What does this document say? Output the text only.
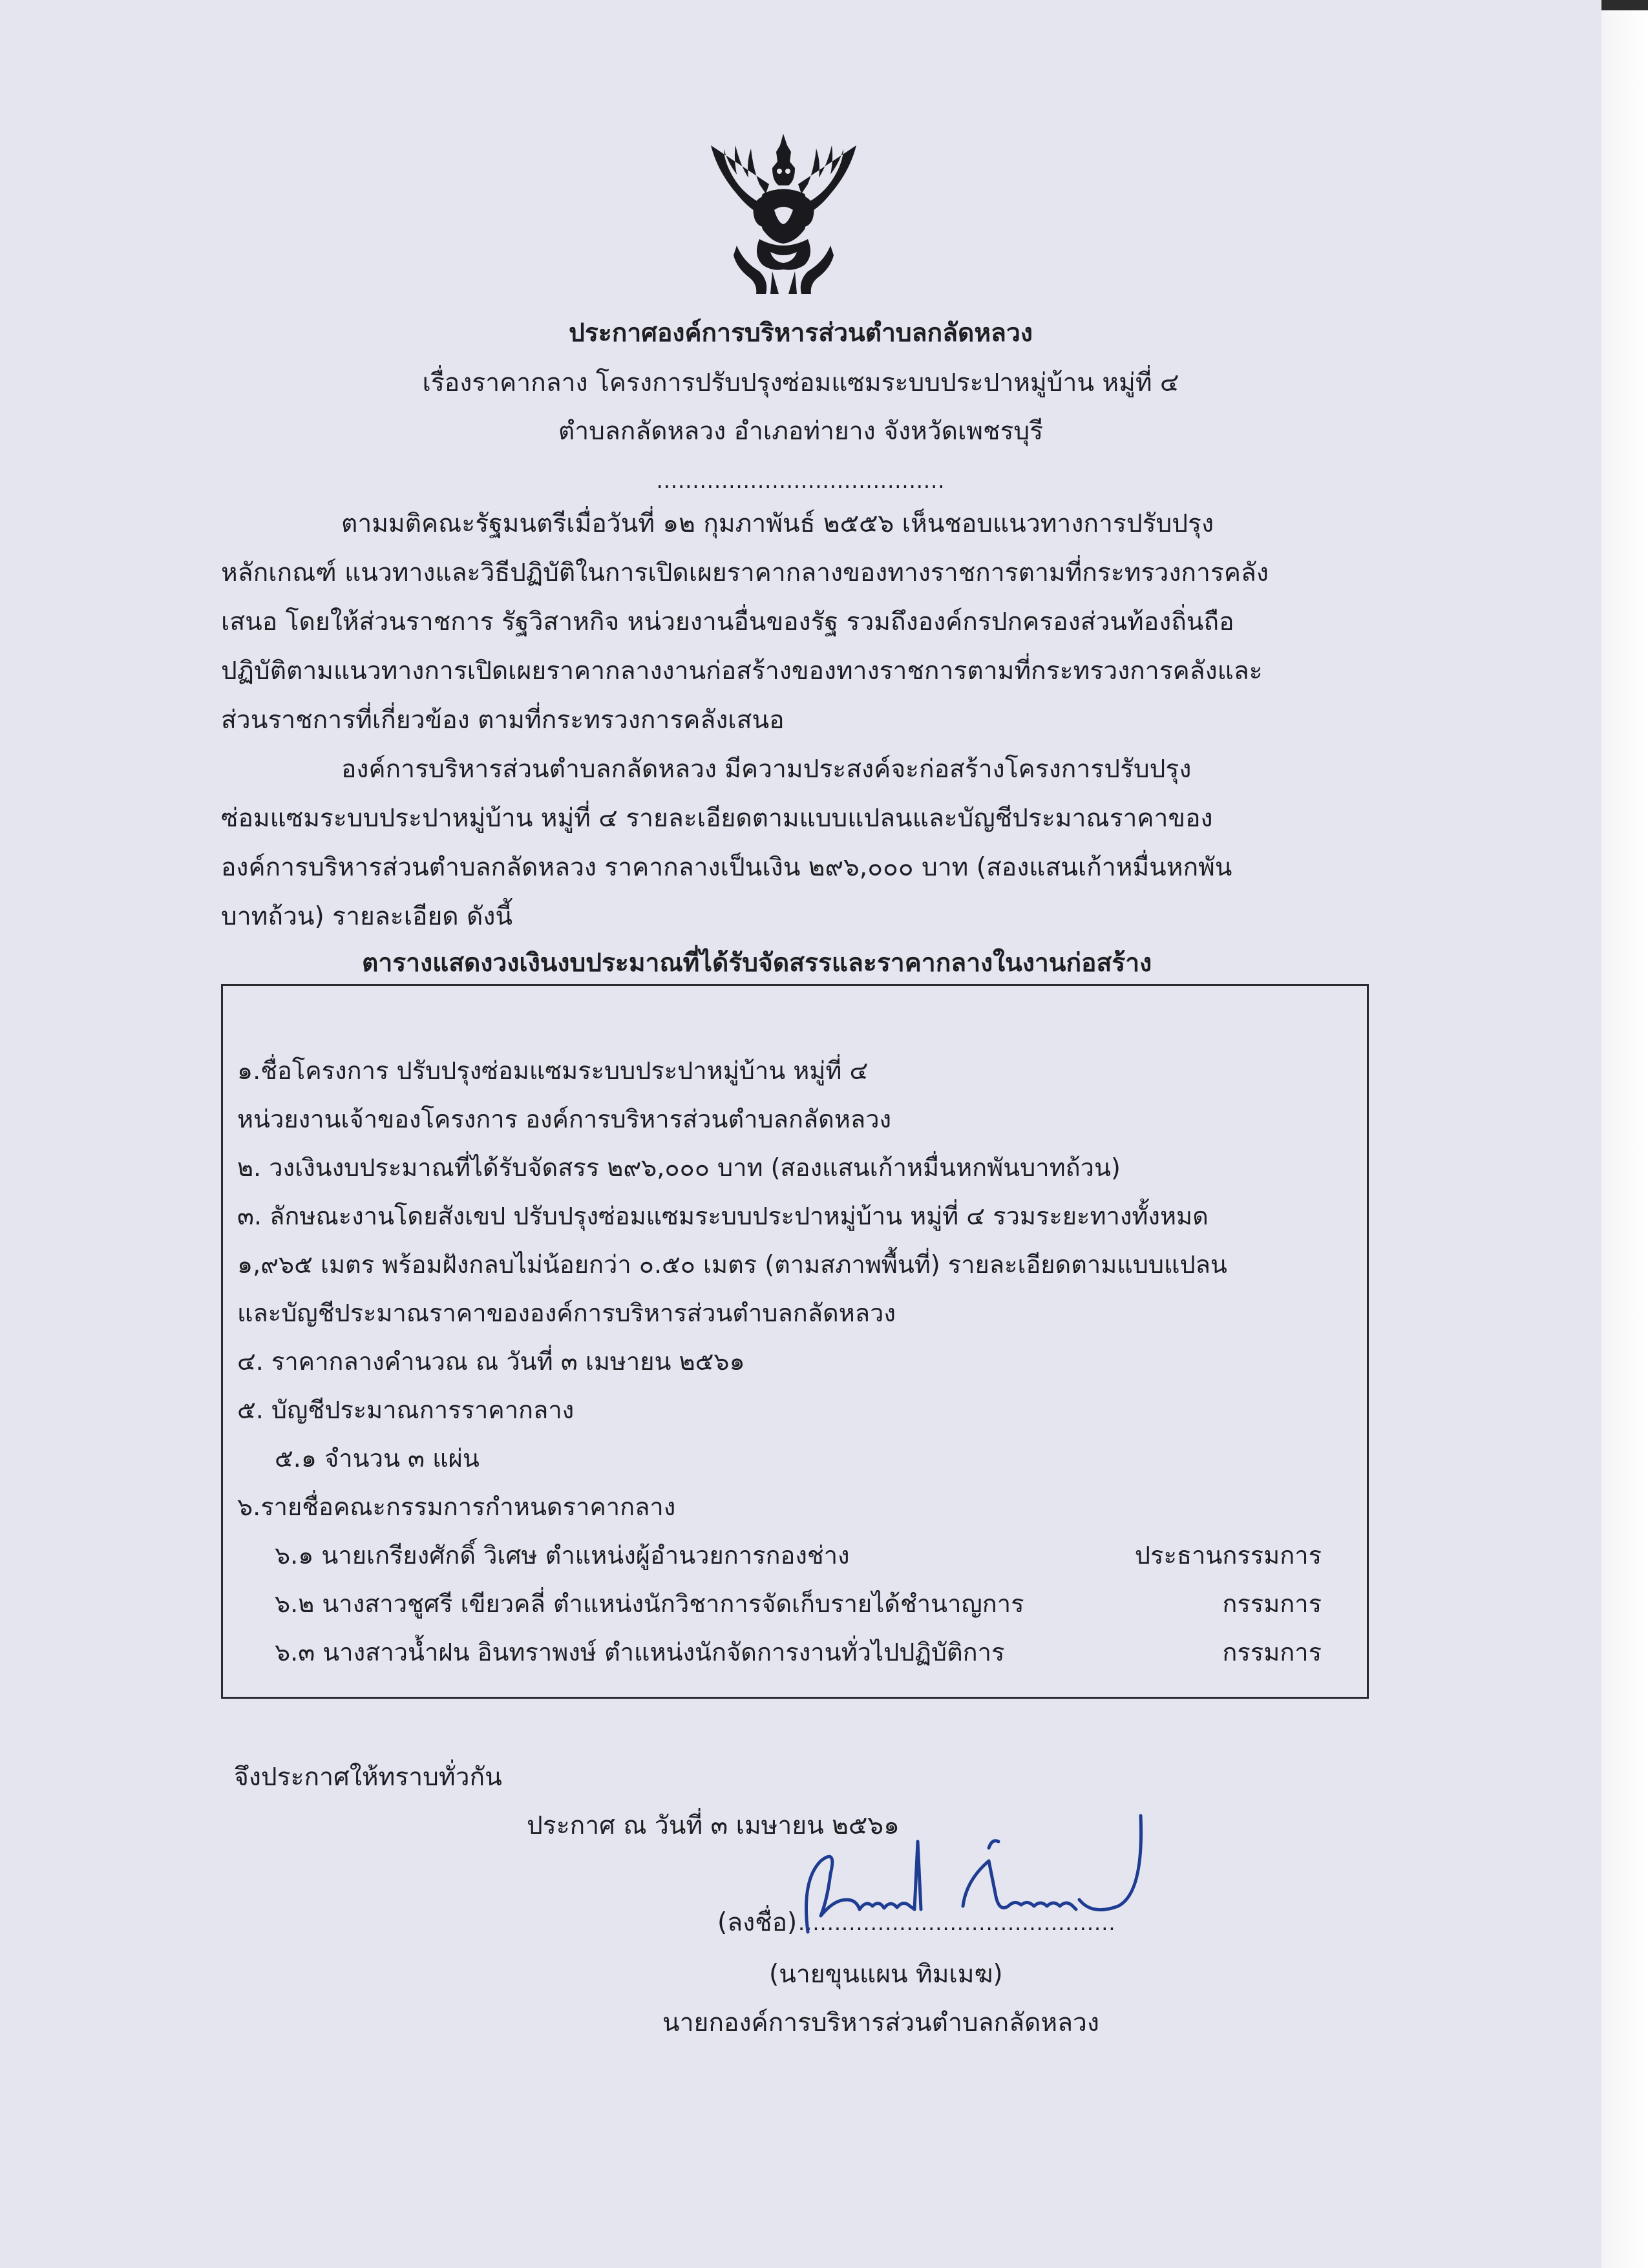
ประกาศองค์การบริหารส่วนตำบลกลัดหลวง
เรื่องราคากลาง โครงการปรับปรุงซ่อมแซมระบบประปาหมู่บ้าน หมู่ที่ ๔
ตำบลกลัดหลวง อำเภอท่ายาง จังหวัดเพชรบุรี
........................................
ตามมติคณะรัฐมนตรีเมื่อวันที่ ๑๒ กุมภาพันธ์ ๒๕๕๖ เห็นชอบแนวทางการปรับปรุง
หลักเกณฑ์ แนวทางและวิธีปฏิบัติในการเปิดเผยราคากลางของทางราชการตามที่กระทรวงการคลัง
เสนอ โดยให้ส่วนราชการ รัฐวิสาหกิจ หน่วยงานอื่นของรัฐ รวมถึงองค์กรปกครองส่วนท้องถิ่นถือ
ปฏิบัติตามแนวทางการเปิดเผยราคากลางงานก่อสร้างของทางราชการตามที่กระทรวงการคลังและ
ส่วนราชการที่เกี่ยวข้อง ตามที่กระทรวงการคลังเสนอ
องค์การบริหารส่วนตำบลกลัดหลวง มีความประสงค์จะก่อสร้างโครงการปรับปรุง
ซ่อมแซมระบบประปาหมู่บ้าน หมู่ที่ ๔ รายละเอียดตามแบบแปลนและบัญชีประมาณราคาของ
องค์การบริหารส่วนตำบลกลัดหลวง ราคากลางเป็นเงิน ๒๙๖,๐๐๐ บาท (สองแสนเก้าหมื่นหกพัน
บาทถ้วน) รายละเอียด ดังนี้
ตารางแสดงวงเงินงบประมาณที่ได้รับจัดสรรและราคากลางในงานก่อสร้าง
๑.ชื่อโครงการ ปรับปรุงซ่อมแซมระบบประปาหมู่บ้าน หมู่ที่ ๔
หน่วยงานเจ้าของโครงการ องค์การบริหารส่วนตำบลกลัดหลวง
๒. วงเงินงบประมาณที่ได้รับจัดสรร ๒๙๖,๐๐๐ บาท (สองแสนเก้าหมื่นหกพันบาทถ้วน)
๓. ลักษณะงานโดยสังเขป ปรับปรุงซ่อมแซมระบบประปาหมู่บ้าน หมู่ที่ ๔ รวมระยะทางทั้งหมด
๑,๙๖๕ เมตร พร้อมฝังกลบไม่น้อยกว่า ๐.๕๐ เมตร (ตามสภาพพื้นที่) รายละเอียดตามแบบแปลน
และบัญชีประมาณราคาขององค์การบริหารส่วนตำบลกลัดหลวง
๔. ราคากลางคำนวณ ณ วันที่ ๓ เมษายน ๒๕๖๑
๕. บัญชีประมาณการราคากลาง
๕.๑ จำนวน ๓ แผ่น
๖.รายชื่อคณะกรรมการกำหนดราคากลาง
๖.๑ นายเกรียงศักดิ์ วิเศษ ตำแหน่งผู้อำนวยการกองช่าง	ประธานกรรมการ
๖.๒ นางสาวชูศรี เขียวคลี่ ตำแหน่งนักวิชาการจัดเก็บรายได้ชำนาญการ	กรรมการ
๖.๓ นางสาวน้ำฝน อินทราพงษ์ ตำแหน่งนักจัดการงานทั่วไปปฏิบัติการ	กรรมการ
จึงประกาศให้ทราบทั่วกัน
ประกาศ ณ วันที่ ๓ เมษายน ๒๕๖๑
(ลงชื่อ) ............................................
(นายขุนแผน ทิมเมฆ)
นายกองค์การบริหารส่วนตำบลกลัดหลวง
